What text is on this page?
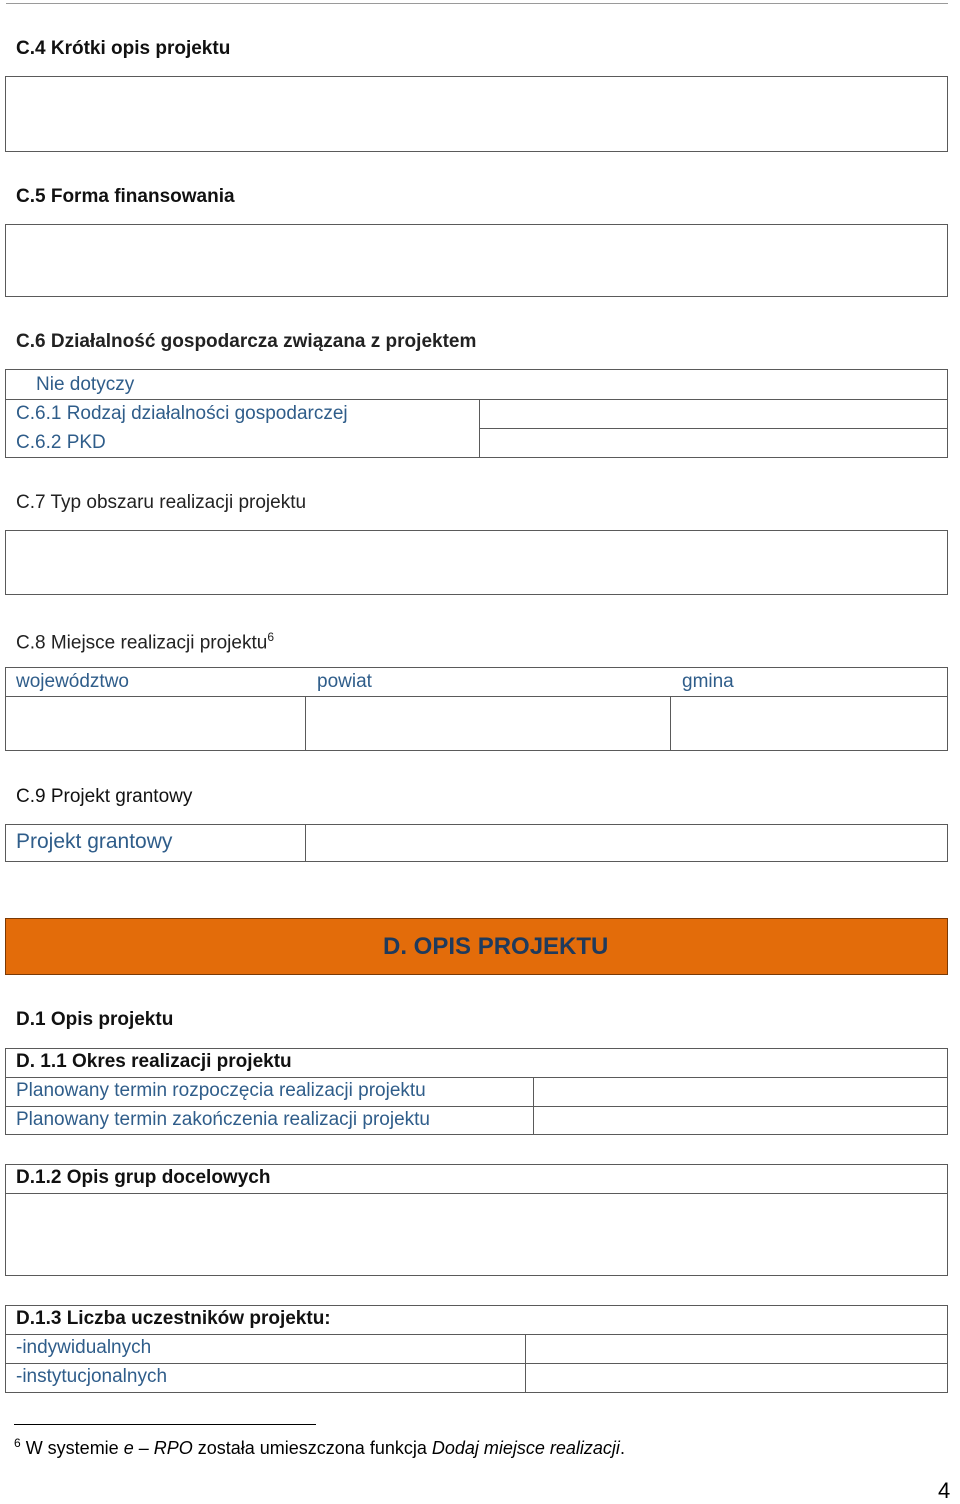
C.4 Krótki opis projektu
C.5 Forma finansowania
C.6 Działalność gospodarcza związana z projektem
Nie dotyczy
C.6.1 Rodzaj działalności gospodarczej
C.6.2 PKD
C.7 Typ obszaru realizacji projektu
C.8 Miejsce realizacji projektu$^6$
województwo	powiat	gmina
C.9 Projekt grantowy
Projekt grantowy
D. OPIS PROJEKTU
D.1 Opis projektu
D. 1.1 Okres realizacji projektu
Planowany termin rozpoczęcia realizacji projektu
Planowany termin zakończenia realizacji projektu
D.1.2 Opis grup docelowych
D.1.3 Liczba uczestników projektu:
-indywidualnych
-instytucjonalnych
$^6$ W systemie e – RPO została umieszczona funkcja Dodaj miejsce realizacji.
4
